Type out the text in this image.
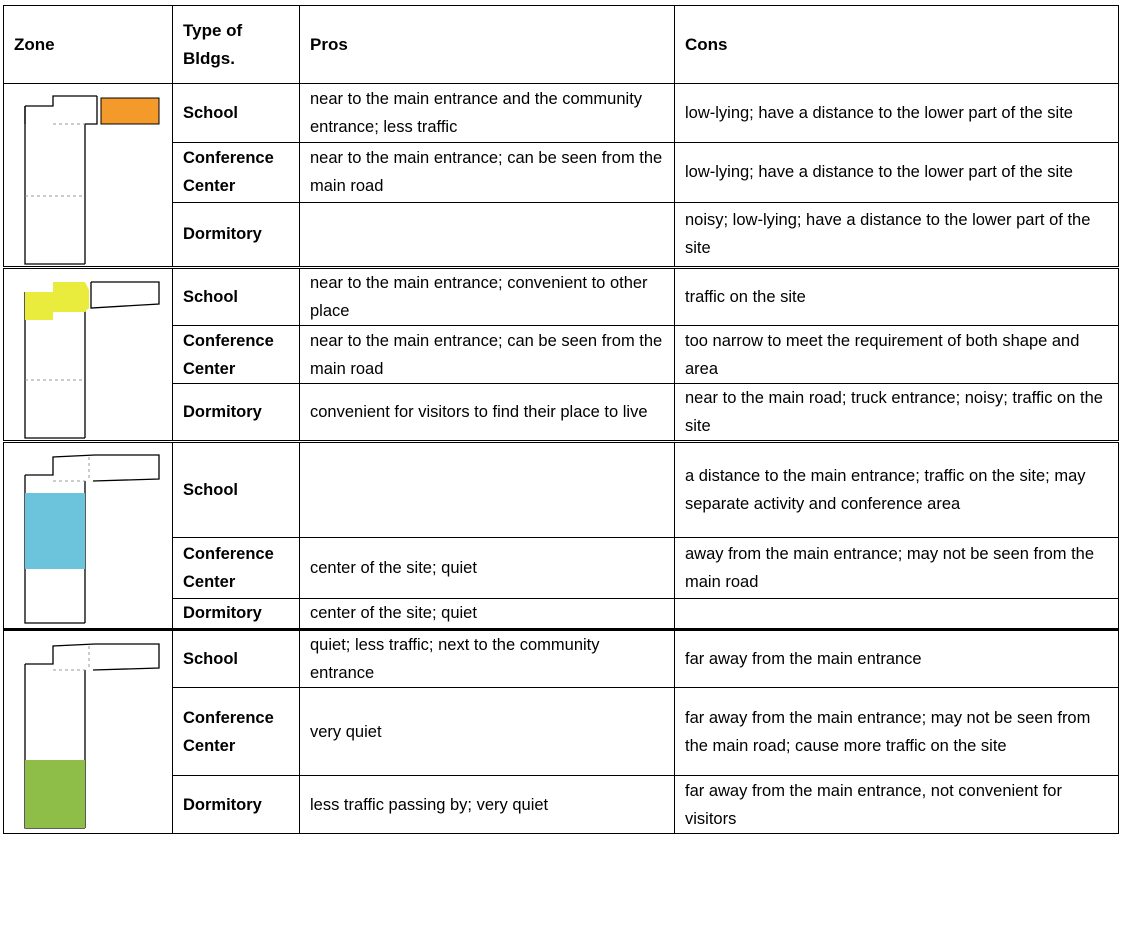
Zone	Type of Bldgs.	Pros	Cons

	School	near to the main entrance and the community entrance; less traffic	low-lying; have a distance to the lower part of the site
	Conference Center	near to the main entrance; can be seen from the main road	low-lying; have a distance to the lower part of the site
	Dormitory		noisy; low-lying; have a distance to the lower part of the site

	School	near to the main entrance; convenient to other place	traffic on the site
	Conference Center	near to the main entrance; can be seen from the main road	too narrow to meet the requirement of both shape and area
	Dormitory	convenient for visitors to find their place to live	near to the main road; truck entrance; noisy; traffic on the site

	School		a distance to the main entrance; traffic on the site; may separate activity and conference area
	Conference Center	center of the site; quiet	away from the main entrance; may not be seen from the main road
	Dormitory	center of the site; quiet	

	School	quiet; less traffic; next to the community entrance	far away from the main entrance
	Conference Center	very quiet	far away from the main entrance; may not be seen from the main road; cause more traffic on the site
	Dormitory	less traffic passing by; very quiet	far away from the main entrance, not convenient for visitors
